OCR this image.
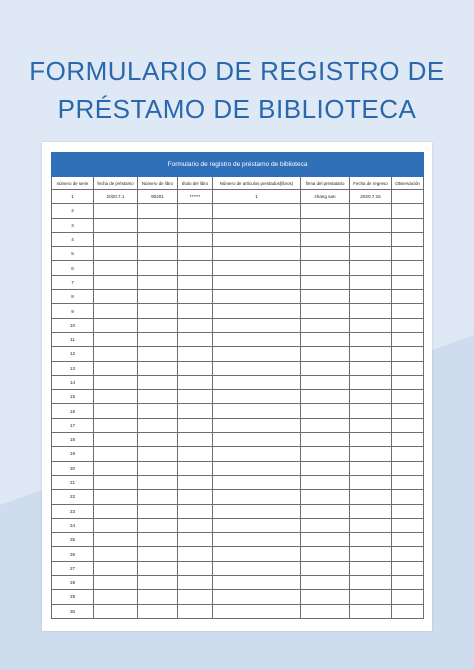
FORMULARIO DE REGISTRO DE
PRÉSTAMO DE BIBLIOTECA
Formulario de registro de préstamo de biblioteca							
número de serie	fecha de préstamo	Número de libro	título del libro	Número de artículos prestados(libros)	firma del prestatario	Fecha de regreso	Observación
1	2020.7.1	90201	******	1	zhang san	2020.7.15	
2							
3							
4							
5							
6							
7							
8							
9							
10							
11							
12							
13							
14							
15							
16							
17							
18							
19							
20							
21							
22							
23							
24							
25							
26							
27							
28							
29							
30							
